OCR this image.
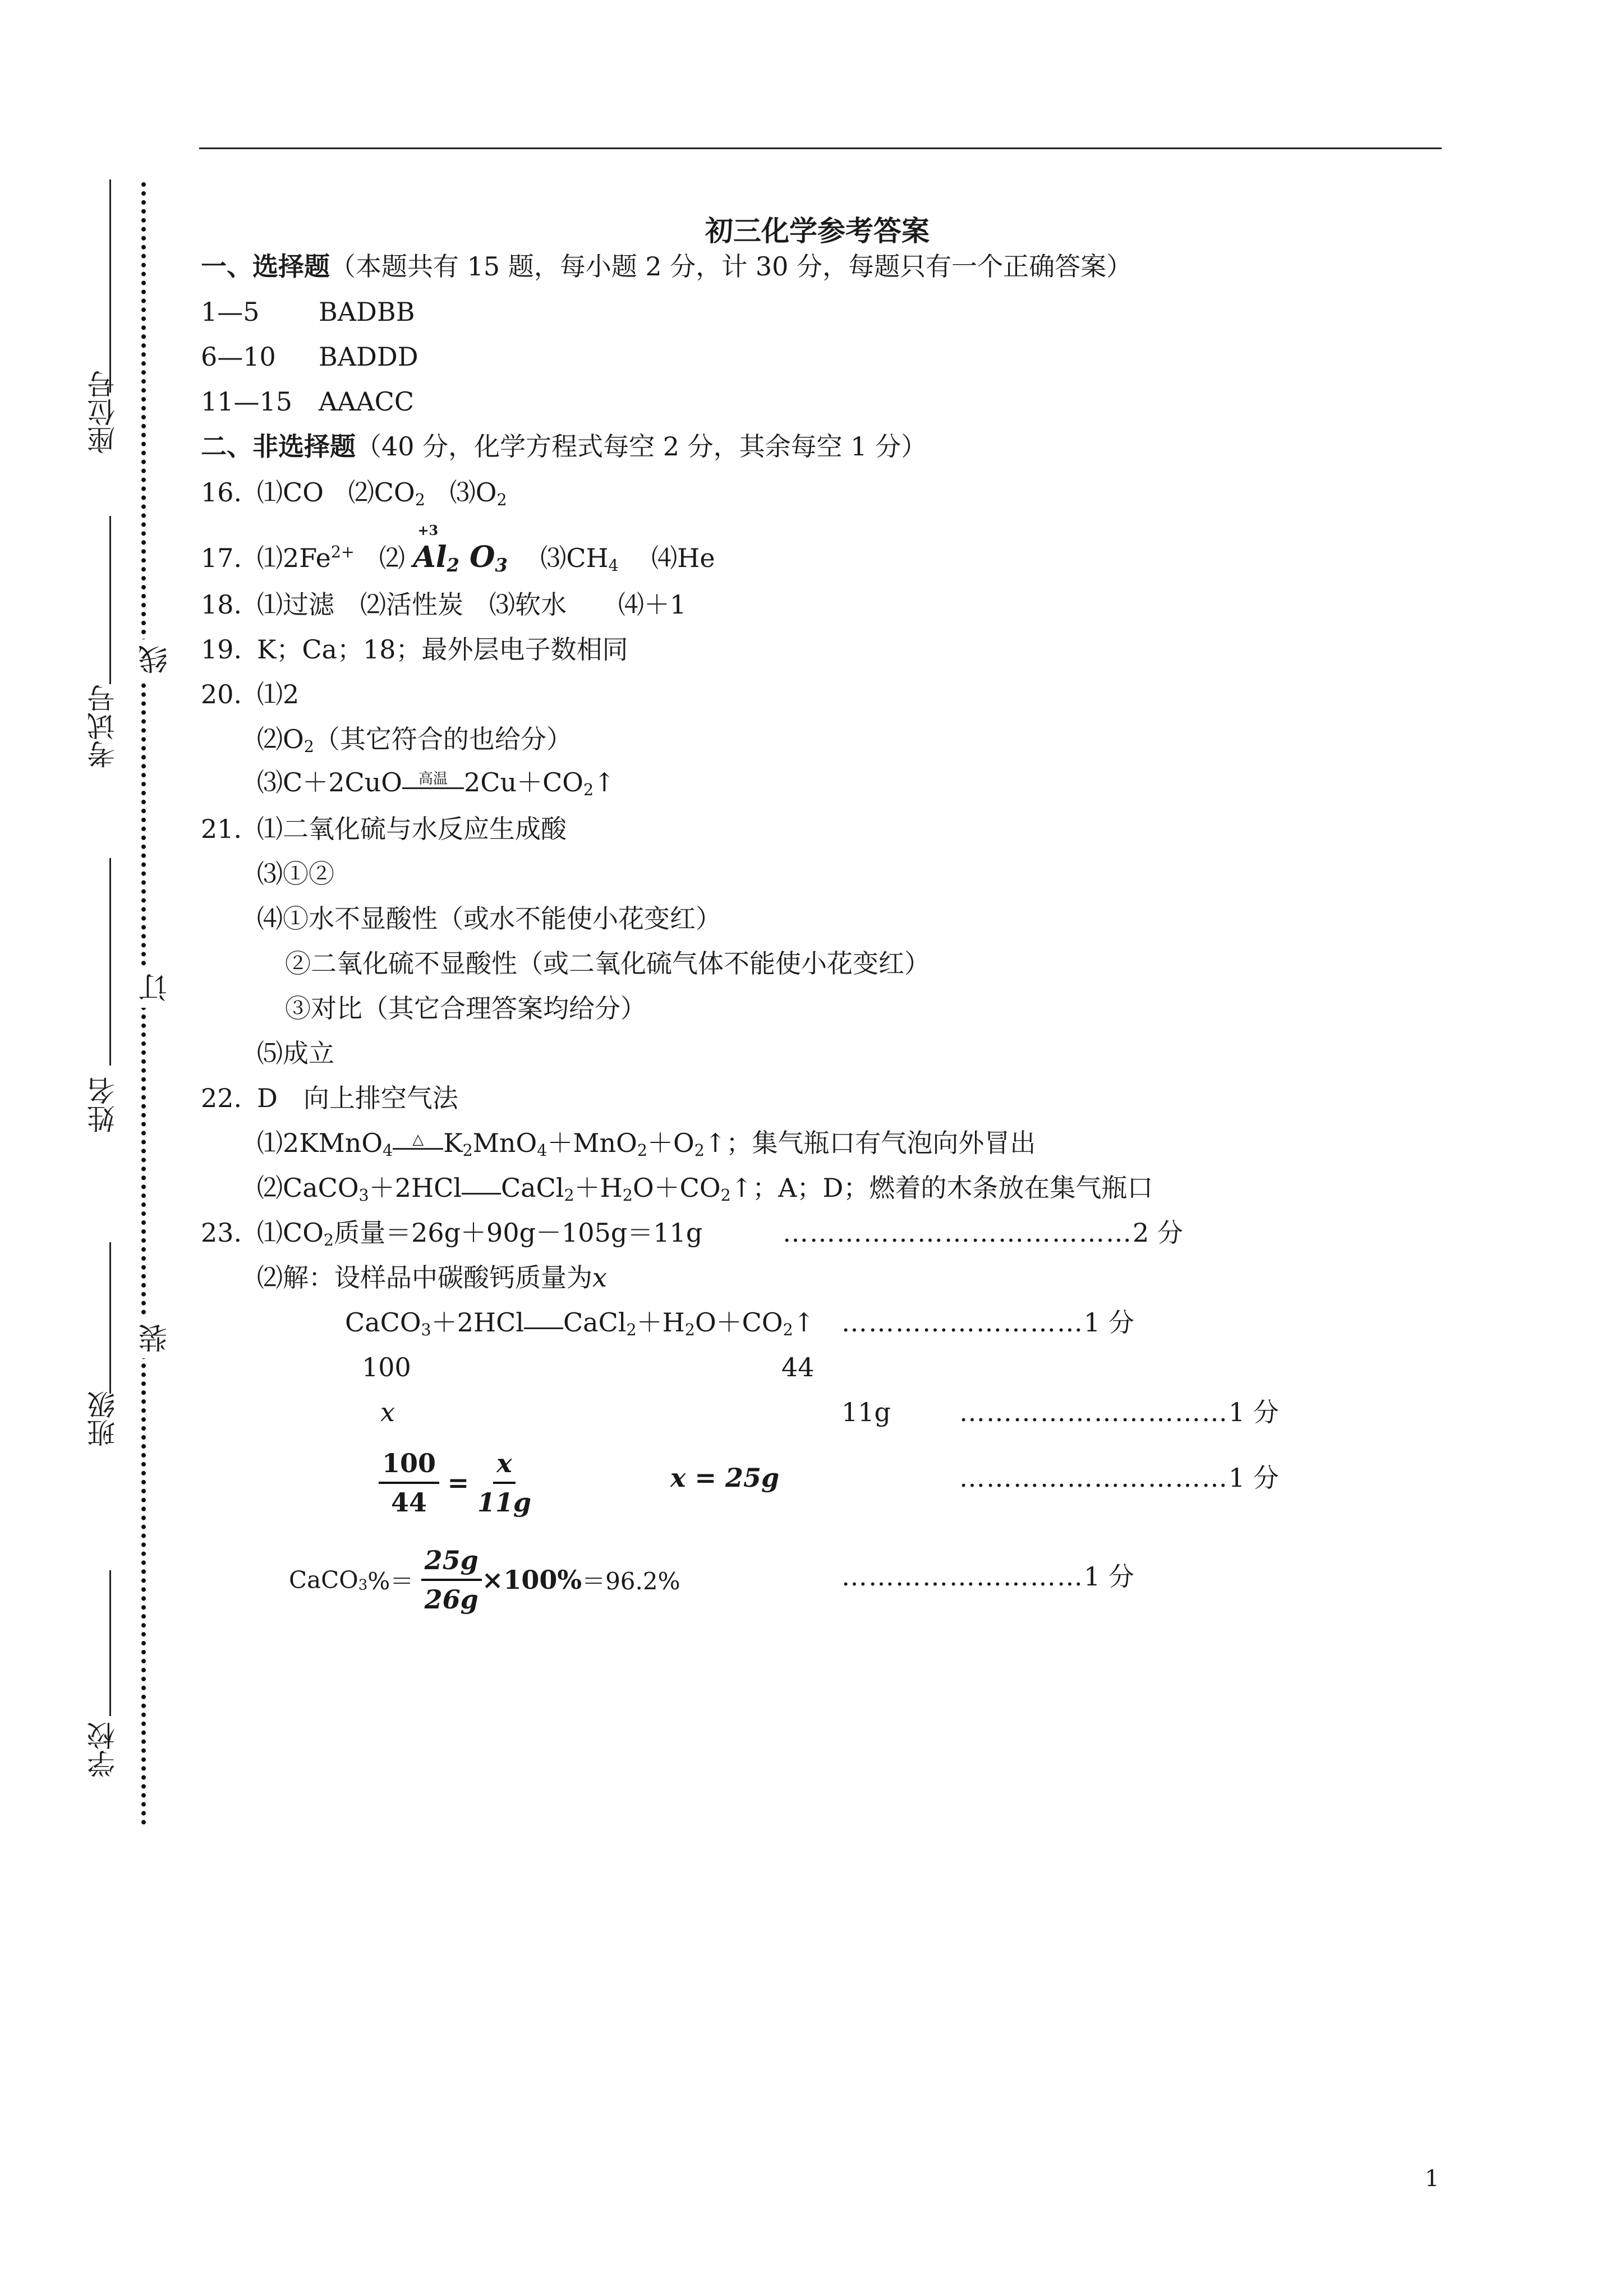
座位号
考试号
姓名
班级
学校
线
订
装
初三化学参考答案
一、选择题（本题共有 15 题，每小题 2 分，计 30 分，每题只有一个正确答案）
1—5 BADBB
6—10 BADDD
11—15 AAACC
二、非选择题（40 分，化学方程式每空 2 分，其余每空 1 分）
16. ⑴CO $⑵CO_2$ $⑶O_2$
17. $⑴2Fe^{2+}$ ⑵
+3
$Al_2$ $O_3$ $⑶CH_4$ ⑷He
18. ⑴过滤　⑵活性炭　⑶软水　　⑷＋1
19. K；Ca；18；最外层电子数相同
20. ⑴2
$⑵O_2$（其它符合的也给分）
⑶C＋2CuO	高温 $2Cu+CO_2↑$
21. ⑴二氧化硫与水反应生成酸
⑶①②
⑷①水不显酸性（或水不能使小花变红）
②二氧化硫不显酸性（或二氧化硫气体不能使小花变红）
③对比（其它合理答案均给分）
⑸成立
22. D　向上排空气法
⑴2KMnO$_4$
△ $K_2MnO_4+MnO_2+O_2↑$；集气瓶口有气泡向外冒出
⑵CaCO$_3$＋2HCl $CaCl_2+H_2O+CO_2↑$；A；D；燃着的木条放在集气瓶口
23. $⑴CO_2$质量＝26g＋90g－105g＝11g	…………………………………2 分
⑵解：设样品中碳酸钙质量为x
CaCO$_3$＋2HCl $CaCl_2+H_2O+CO_2↑$ ………………………1 分
100	44
x	11g	…………………………1 分
$\frac{100}{44} = \frac{x}{11g}$	x = 25g	…………………………1 分
CaCO$_3$%＝ $\frac{25g}{26g} \times 100\%=96.2\%$	………………………1 分
1
